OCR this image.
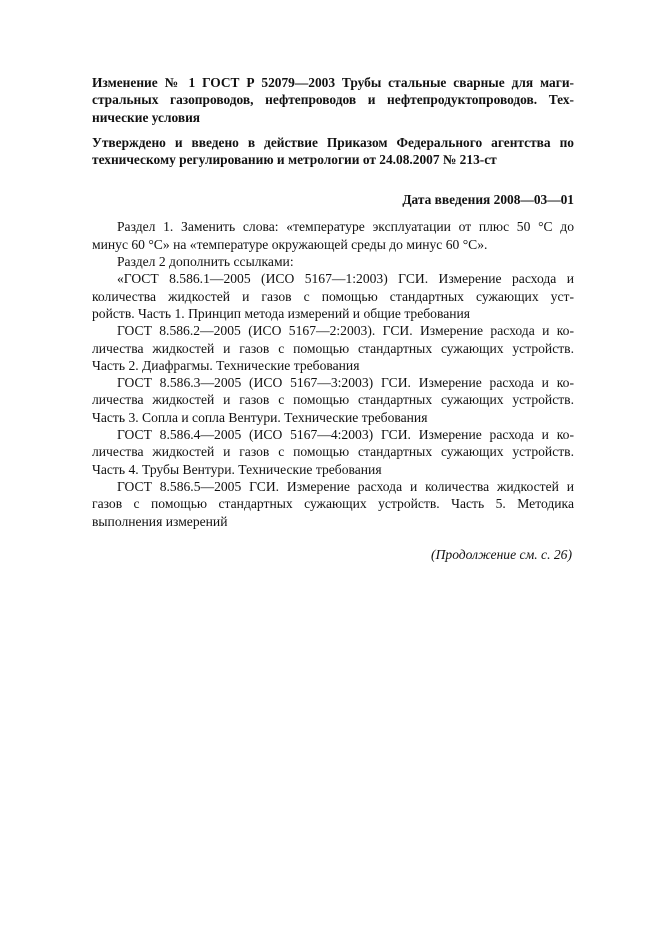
Изменение № 1 ГОСТ Р 52079—2003 Трубы стальные сварные для маги-
стральных газопроводов, нефтепроводов и нефтепродуктопроводов. Тех-
нические условия
Утверждено и введено в действие Приказом Федерального агентства по
техническому регулированию и метрологии от 24.08.2007 № 213-ст
Дата введения 2008—03—01
Раздел 1. Заменить слова: «температуре эксплуатации от плюс 50 °С до
минус 60 °С» на «температуре окружающей среды до минус 60 °С».
Раздел 2 дополнить ссылками:
«ГОСТ 8.586.1—2005 (ИСО 5167—1:2003) ГСИ. Измерение расхода и
количества жидкостей и газов с помощью стандартных сужающих уст-
ройств. Часть 1. Принцип метода измерений и общие требования
ГОСТ 8.586.2—2005 (ИСО 5167—2:2003). ГСИ. Измерение расхода и ко-
личества жидкостей и газов с помощью стандартных сужающих устройств.
Часть 2. Диафрагмы. Технические требования
ГОСТ 8.586.3—2005 (ИСО 5167—3:2003) ГСИ. Измерение расхода и ко-
личества жидкостей и газов с помощью стандартных сужающих устройств.
Часть 3. Сопла и сопла Вентури. Технические требования
ГОСТ 8.586.4—2005 (ИСО 5167—4:2003) ГСИ. Измерение расхода и ко-
личества жидкостей и газов с помощью стандартных сужающих устройств.
Часть 4. Трубы Вентури. Технические требования
ГОСТ 8.586.5—2005 ГСИ. Измерение расхода и количества жидкостей и
газов с помощью стандартных сужающих устройств. Часть 5. Методика
выполнения измерений
(Продолжение см. с. 26)
